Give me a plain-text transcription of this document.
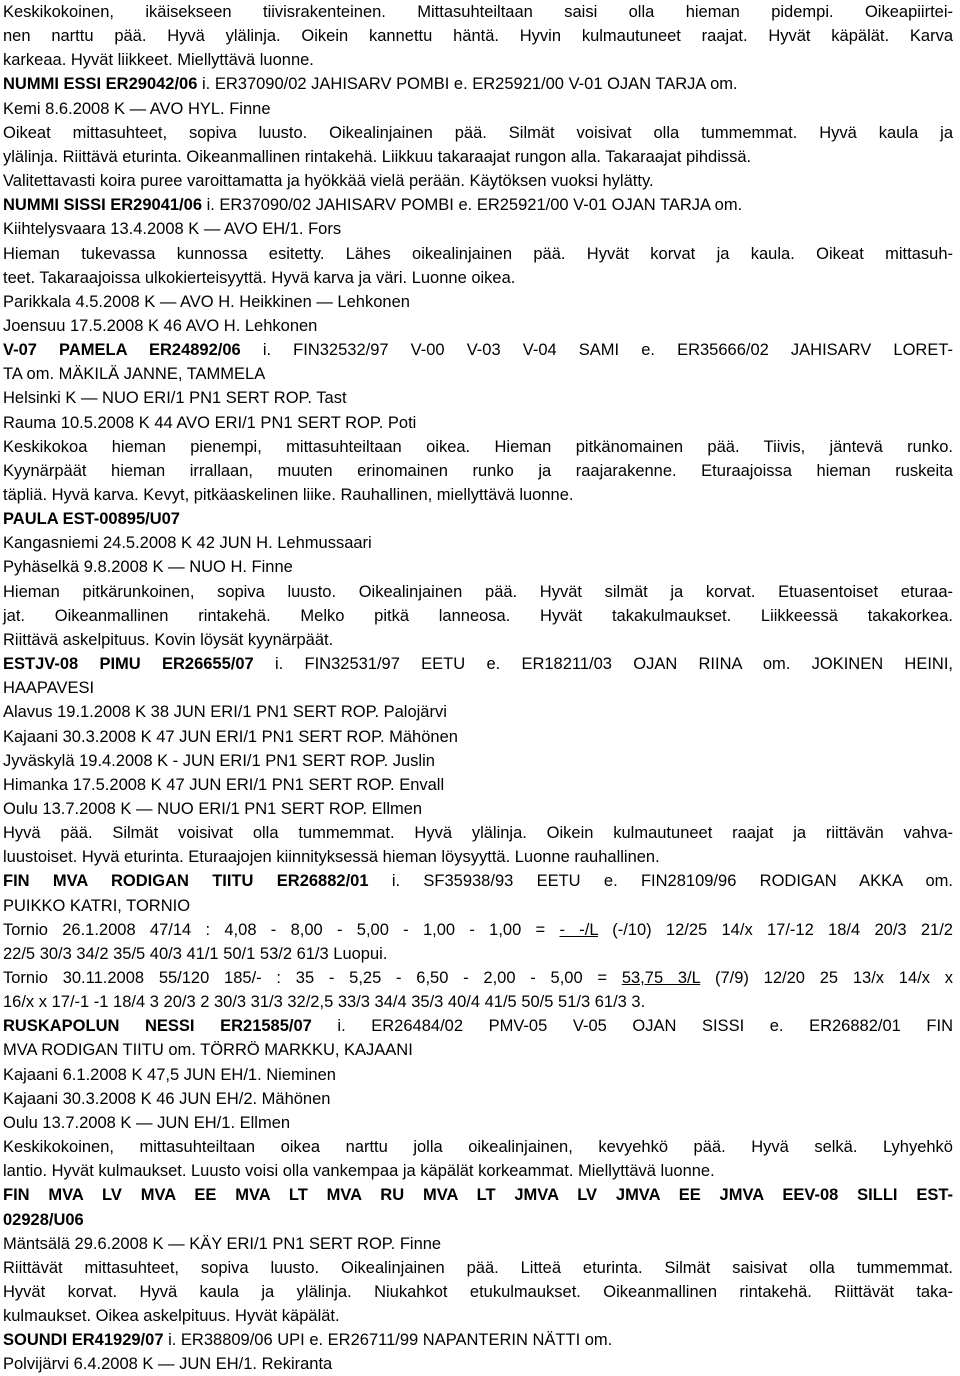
Keskikokoinen, ikäisekseen tiivisrakenteinen. Mittasuhteiltaan saisi olla hieman pidempi. Oikeapiirtei-
nen narttu pää. Hyvä ylälinja. Oikein kannettu häntä. Hyvin kulmautuneet raajat. Hyvät käpälät. Karva
karkeaa. Hyvät liikkeet. Miellyttävä luonne.
NUMMI ESSI ER29042/06 i. ER37090/02 JAHISARV POMBI e. ER25921/00 V-01 OJAN TARJA om.
Kemi 8.6.2008 K — AVO HYL. Finne
Oikeat mittasuhteet, sopiva luusto. Oikealinjainen pää. Silmät voisivat olla tummemmat. Hyvä kaula ja
ylälinja. Riittävä eturinta. Oikeanmallinen rintakehä. Liikkuu takaraajat rungon alla. Takaraajat pihdissä.
Valitettavasti koira puree varoittamatta ja hyökkää vielä perään. Käytöksen vuoksi hylätty.
NUMMI SISSI ER29041/06 i. ER37090/02 JAHISARV POMBI e. ER25921/00 V-01 OJAN TARJA om.
Kiihtelysvaara 13.4.2008 K — AVO EH/1. Fors
Hieman tukevassa kunnossa esitetty. Lähes oikealinjainen pää. Hyvät korvat ja kaula. Oikeat mittasuh-
teet. Takaraajoissa ulkokierteisyyttä. Hyvä karva ja väri. Luonne oikea.
Parikkala 4.5.2008 K — AVO H. Heikkinen — Lehkonen
Joensuu 17.5.2008 K 46 AVO H. Lehkonen
V-07 PAMELA ER24892/06 i. FIN32532/97 V-00 V-03 V-04 SAMI e. ER35666/02 JAHISARV LORET-
TA om. MÄKILÄ JANNE, TAMMELA
Helsinki K — NUO ERI/1 PN1 SERT ROP. Tast
Rauma 10.5.2008 K 44 AVO ERI/1 PN1 SERT ROP. Poti
Keskikokoa hieman pienempi, mittasuhteiltaan oikea. Hieman pitkänomainen pää. Tiivis, jäntevä runko.
Kyynärpäät hieman irrallaan, muuten erinomainen runko ja raajarakenne. Eturaajoissa hieman ruskeita
täpliä. Hyvä karva. Kevyt, pitkäaskelinen liike. Rauhallinen, miellyttävä luonne.
PAULA EST-00895/U07
Kangasniemi 24.5.2008 K 42 JUN H. Lehmussaari
Pyhäselkä 9.8.2008 K — NUO H. Finne
Hieman pitkärunkoinen, sopiva luusto. Oikealinjainen pää. Hyvät silmät ja korvat. Etuasentoiset eturaa-
jat. Oikeanmallinen rintakehä. Melko pitkä lanneosa. Hyvät takakulmaukset. Liikkeessä takakorkea.
Riittävä askelpituus. Kovin löysät kyynärpäät.
ESTJV-08 PIMU ER26655/07 i. FIN32531/97 EETU e. ER18211/03 OJAN RIINA om. JOKINEN HEINI,
HAAPAVESI
Alavus 19.1.2008 K 38 JUN ERI/1 PN1 SERT ROP. Palojärvi
Kajaani 30.3.2008 K 47 JUN ERI/1 PN1 SERT ROP. Mähönen
Jyväskylä 19.4.2008 K - JUN ERI/1 PN1 SERT ROP. Juslin
Himanka 17.5.2008 K 47 JUN ERI/1 PN1 SERT ROP. Envall
Oulu 13.7.2008 K — NUO ERI/1 PN1 SERT ROP. Ellmen
Hyvä pää. Silmät voisivat olla tummemmat. Hyvä ylälinja. Oikein kulmautuneet raajat ja riittävän vahva-
luustoiset. Hyvä eturinta. Eturaajojen kiinnityksessä hieman löysyyttä. Luonne rauhallinen.
FIN MVA RODIGAN TIITU ER26882/01 i. SF35938/93 EETU e. FIN28109/96 RODIGAN AKKA om.
PUIKKO KATRI, TORNIO
Tornio 26.1.2008 47/14 : 4,08 - 8,00 - 5,00 - 1,00 - 1,00 = - -/L (-/10) 12/25 14/x 17/-12 18/4 20/3 21/2
22/5 30/3 34/2 35/5 40/3 41/1 50/1 53/2 61/3 Luopui.
Tornio 30.11.2008 55/120 185/- : 35 - 5,25 - 6,50 - 2,00 - 5,00 = 53,75 3/L (7/9) 12/20 25 13/x 14/x x
16/x x 17/-1 -1 18/4 3 20/3 2 30/3 31/3 32/2,5 33/3 34/4 35/3 40/4 41/5 50/5 51/3 61/3 3.
RUSKAPOLUN NESSI ER21585/07 i. ER26484/02 PMV-05 V-05 OJAN SISSI e. ER26882/01 FIN
MVA RODIGAN TIITU om. TÖRRÖ MARKKU, KAJAANI
Kajaani 6.1.2008 K 47,5 JUN EH/1. Nieminen
Kajaani 30.3.2008 K 46 JUN EH/2. Mähönen
Oulu 13.7.2008 K — JUN EH/1. Ellmen
Keskikokoinen, mittasuhteiltaan oikea narttu jolla oikealinjainen, kevyehkö pää. Hyvä selkä. Lyhyehkö
lantio. Hyvät kulmaukset. Luusto voisi olla vankempaa ja käpälät korkeammat. Miellyttävä luonne.
FIN MVA LV MVA EE MVA LT MVA RU MVA LT JMVA LV JMVA EE JMVA EEV-08 SILLI EST-
02928/U06
Mäntsälä 29.6.2008 K — KÄY ERI/1 PN1 SERT ROP. Finne
Riittävät mittasuhteet, sopiva luusto. Oikealinjainen pää. Litteä eturinta. Silmät saisivat olla tummemmat.
Hyvät korvat. Hyvä kaula ja ylälinja. Niukahkot etukulmaukset. Oikeanmallinen rintakehä. Riittävät taka-
kulmaukset. Oikea askelpituus. Hyvät käpälät.
SOUNDI ER41929/07 i. ER38809/06 UPI e. ER26711/99 NAPANTERIN NÄTTI om.
Polvijärvi 6.4.2008 K — JUN EH/1. Rekiranta
